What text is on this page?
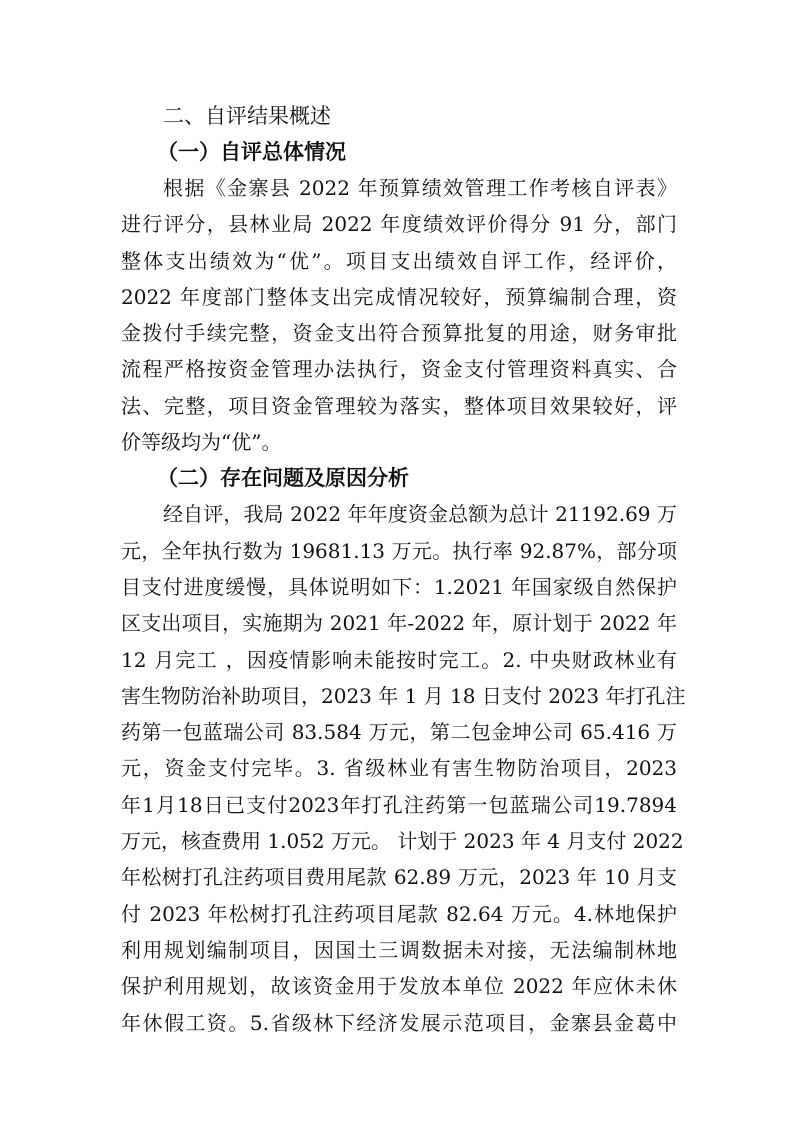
二、自评结果概述
（一）自评总体情况
根据《金寨县 2022 年预算绩效管理工作考核自评表》
进行评分，县林业局 2022 年度绩效评价得分 91 分，部门
整体支出绩效为“优”。项目支出绩效自评工作，经评价，
2022 年度部门整体支出完成情况较好，预算编制合理，资
金拨付手续完整，资金支出符合预算批复的用途，财务审批
流程严格按资金管理办法执行，资金支付管理资料真实、合
法、完整，项目资金管理较为落实，整体项目效果较好，评
价等级均为“优”。
（二）存在问题及原因分析
经自评，我局 2022 年年度资金总额为总计 21192.69 万
元，全年执行数为 19681.13 万元。执行率 92.87%，部分项
目支付进度缓慢，具体说明如下：1.2021 年国家级自然保护
区支出项目，实施期为 2021 年-2022 年，原计划于 2022 年
12 月完工 ，因疫情影响未能按时完工。2. 中央财政林业有
害生物防治补助项目，2023 年 1 月 18 日支付 2023 年打孔注
药第一包蓝瑞公司 83.584 万元，第二包金坤公司 65.416 万
元，资金支付完毕。3. 省级林业有害生物防治项目，2023
年1月18日已支付2023年打孔注药第一包蓝瑞公司19.7894
万元，核查费用 1.052 万元。 计划于 2023 年 4 月支付 2022
年松树打孔注药项目费用尾款 62.89 万元，2023 年 10 月支
付 2023 年松树打孔注药项目尾款 82.64 万元。4.林地保护
利用规划编制项目，因国土三调数据未对接，无法编制林地
保护利用规划，故该资金用于发放本单位 2022 年应休未休
年休假工资。5.省级林下经济发展示范项目，金寨县金葛中
